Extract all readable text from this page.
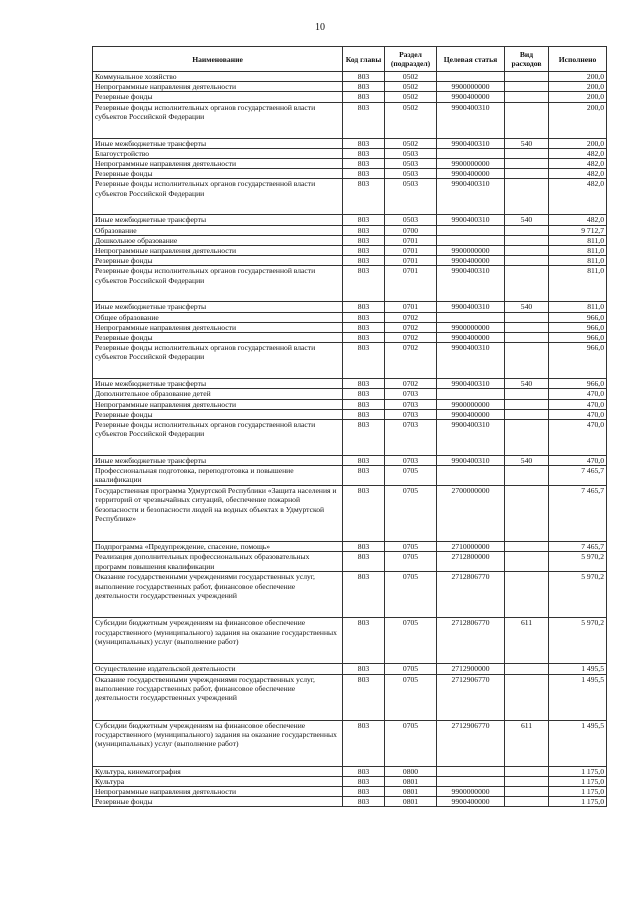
10
Наименование	Код главы	Раздел (подраздел)	Целевая статья	Вид расходов	Исполнено
Коммунальное хозяйство	803	0502			200,0
Непрограммные направления деятельности	803	0502	9900000000		200,0
Резервные фонды	803	0502	9900400000		200,0
Резервные фонды исполнительных органов государственной власти субъектов Российской Федерации	803	0502	9900400310		200,0
Иные межбюджетные трансферты	803	0502	9900400310	540	200,0
Благоустройство	803	0503			482,0
Непрограммные направления деятельности	803	0503	9900000000		482,0
Резервные фонды	803	0503	9900400000		482,0
Резервные фонды исполнительных органов государственной власти субъектов Российской Федерации	803	0503	9900400310		482,0
Иные межбюджетные трансферты	803	0503	9900400310	540	482,0
Образование	803	0700			9 712,7
Дошкольное образование	803	0701			811,0
Непрограммные направления деятельности	803	0701	9900000000		811,0
Резервные фонды	803	0701	9900400000		811,0
Резервные фонды исполнительных органов государственной власти субъектов Российской Федерации	803	0701	9900400310		811,0
Иные межбюджетные трансферты	803	0701	9900400310	540	811,0
Общее образование	803	0702			966,0
Непрограммные направления деятельности	803	0702	9900000000		966,0
Резервные фонды	803	0702	9900400000		966,0
Резервные фонды исполнительных органов государственной власти субъектов Российской Федерации	803	0702	9900400310		966,0
Иные межбюджетные трансферты	803	0702	9900400310	540	966,0
Дополнительное образование детей	803	0703			470,0
Непрограммные направления деятельности	803	0703	9900000000		470,0
Резервные фонды	803	0703	9900400000		470,0
Резервные фонды исполнительных органов государственной власти субъектов Российской Федерации	803	0703	9900400310		470,0
Иные межбюджетные трансферты	803	0703	9900400310	540	470,0
Профессиональная подготовка, переподготовка и повышение квалификации	803	0705			7 465,7
Государственная программа Удмуртской Республики «Защита населения и территорий от чрезвычайных ситуаций, обеспечение пожарной безопасности и безопасности людей на водных объектах в Удмуртской Республике»	803	0705	2700000000		7 465,7
Подпрограмма «Предупреждение, спасение, помощь»	803	0705	2710000000		7 465,7
Реализация дополнительных профессиональных образовательных программ повышения квалификации	803	0705	2712800000		5 970,2
Оказание государственными учреждениями государственных услуг, выполнение государственных работ, финансовое обеспечение деятельности государственных учреждений	803	0705	2712806770		5 970,2
Субсидии бюджетным учреждениям на финансовое обеспечение государственного (муниципального) задания на оказание государственных (муниципальных) услуг (выполнение работ)	803	0705	2712806770	611	5 970,2
Осуществление издательской деятельности	803	0705	2712900000		1 495,5
Оказание государственными учреждениями государственных услуг, выполнение государственных работ, финансовое обеспечение деятельности государственных учреждений	803	0705	2712906770		1 495,5
Субсидии бюджетным учреждениям на финансовое обеспечение государственного (муниципального) задания на оказание государственных (муниципальных) услуг (выполнение работ)	803	0705	2712906770	611	1 495,5
Культура, кинематография	803	0800			1 175,0
Культура	803	0801			1 175,0
Непрограммные направления деятельности	803	0801	9900000000		1 175,0
Резервные фонды	803	0801	9900400000		1 175,0
